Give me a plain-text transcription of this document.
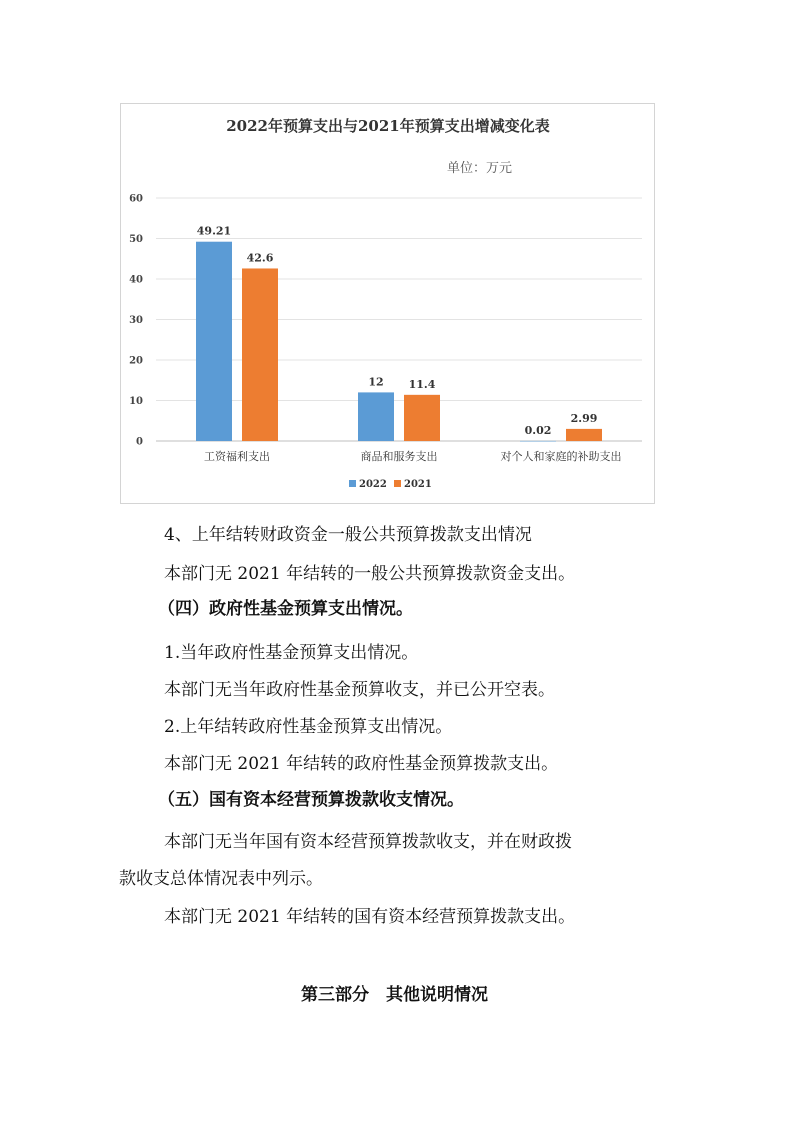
2022年预算支出与2021年预算支出增减变化表
单位：万元
0
10
20
30
40
50
60
49.21
42.6
12 11.4
0.02
2.99
工资福利支出	商品和服务支出	对个人和家庭的补助支出
2022 2021
4、上年结转财政资金一般公共预算拨款支出情况
本部门无 2021 年结转的一般公共预算拨款资金支出。
（四）政府性基金预算支出情况。
1.当年政府性基金预算支出情况。
本部门无当年政府性基金预算收支，并已公开空表。
2.上年结转政府性基金预算支出情况。
本部门无 2021 年结转的政府性基金预算拨款支出。
（五）国有资本经营预算拨款收支情况。
本部门无当年国有资本经营预算拨款收支，并在财政拨
款收支总体情况表中列示。
本部门无 2021 年结转的国有资本经营预算拨款支出。
第三部分　其他说明情况
